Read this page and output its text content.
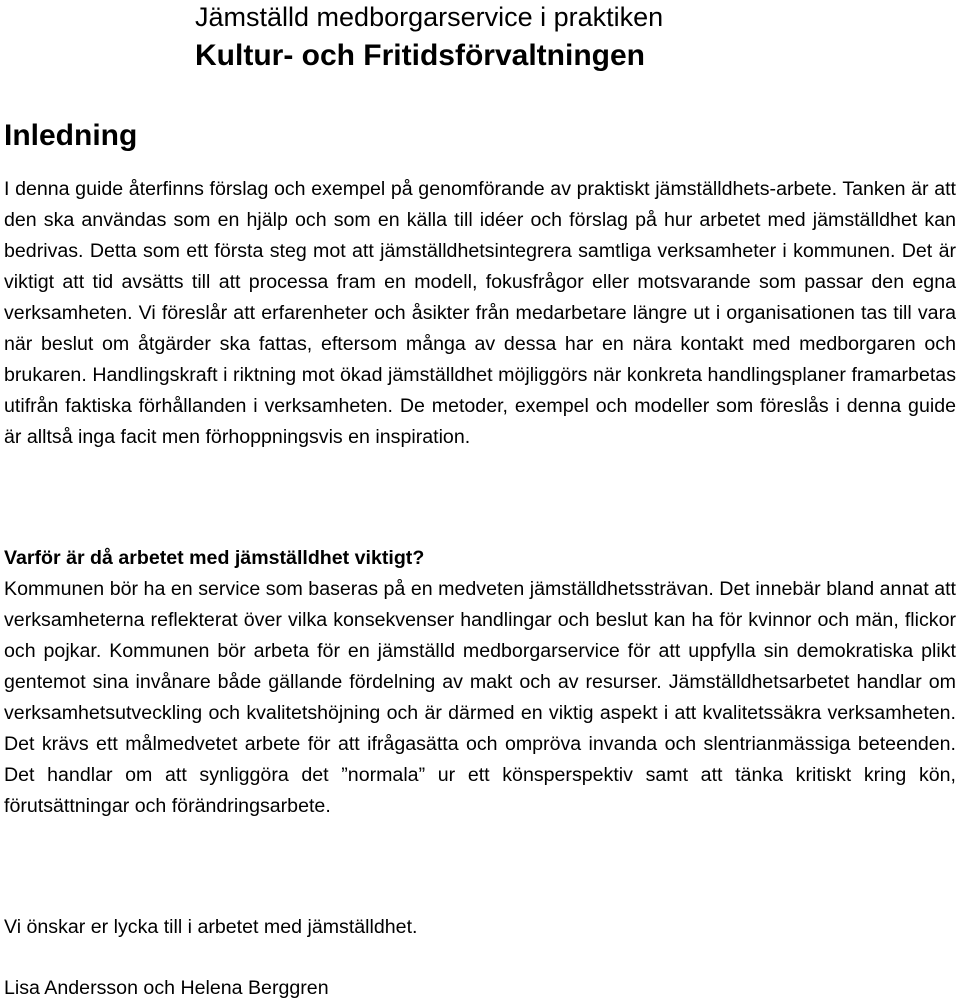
Jämställd medborgarservice i praktiken

Kultur- och Fritidsförvaltningen
Inledning

I denna guide återfinns förslag och exempel på genomförande av praktiskt jämställdhets-arbete. Tanken är att den ska användas som en hjälp och som en källa till idéer och förslag på hur arbetet med jämställdhet kan bedrivas. Detta som ett första steg mot att jämställdhetsintegrera samtliga verksamheter i kommunen. Det är viktigt att tid avsätts till att processa fram en modell, fokusfrågor eller motsvarande som passar den egna verksamheten. Vi föreslår att erfarenheter och åsikter från medarbetare längre ut i organisationen tas till vara när beslut om åtgärder ska fattas, eftersom många av dessa har en nära kontakt med medborgaren och brukaren. Handlingskraft i riktning mot ökad jämställdhet möjliggörs när konkreta handlingsplaner framarbetas utifrån faktiska förhållanden i verksamheten. De metoder, exempel och modeller som föreslås i denna guide är alltså inga facit men förhoppningsvis en inspiration.

Varför är då arbetet med jämställdhet viktigt?

Kommunen bör ha en service som baseras på en medveten jämställdhetssträvan. Det innebär bland annat att verksamheterna reflekterat över vilka konsekvenser handlingar och beslut kan ha för kvinnor och män, flickor och pojkar. Kommunen bör arbeta för en jämställd medborgarservice för att uppfylla sin demokratiska plikt gentemot sina invånare både gällande fördelning av makt och av resurser. Jämställdhetsarbetet handlar om verksamhetsutveckling och kvalitetshöjning och är därmed en viktig aspekt i att kvalitetssäkra verksamheten. Det krävs ett målmedvetet arbete för att ifrågasätta och ompröva invanda och slentrianmässiga beteenden. Det handlar om att synliggöra det ”normala” ur ett könsperspektiv samt att tänka kritiskt kring kön, förutsättningar och förändringsarbete.

Vi önskar er lycka till i arbetet med jämställdhet.

Lisa Andersson och Helena Berggren
